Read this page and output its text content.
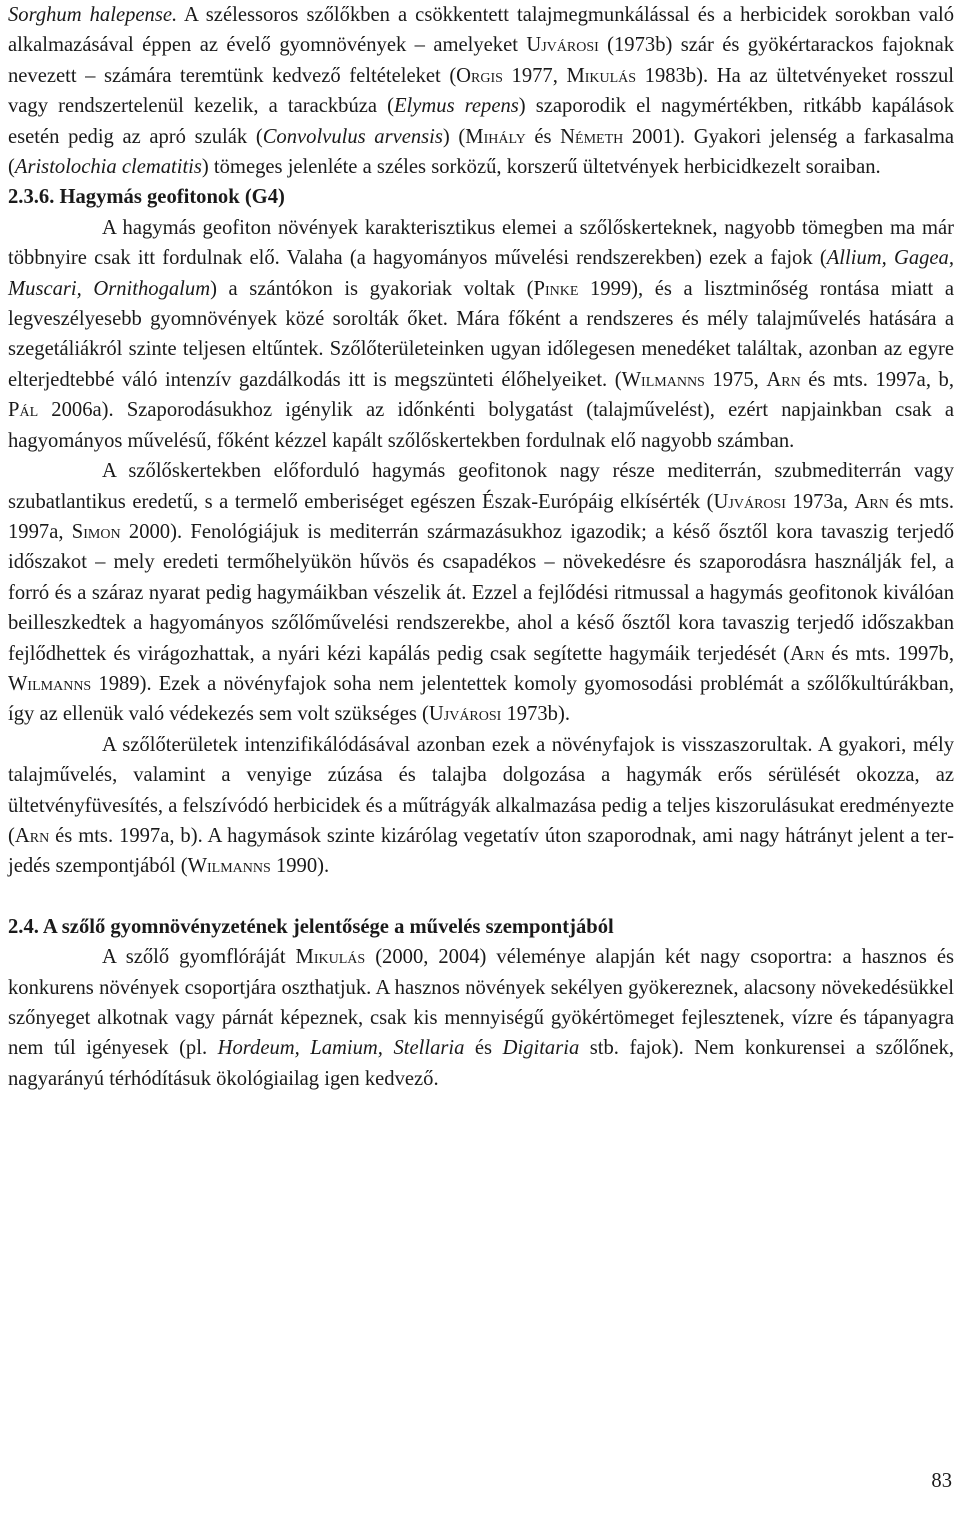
Sorghum halepense. A szélessoros szőlőkben a csökkentett talajmegmunkálással és a herbicidek sorokban való alkalmazásával éppen az évelő gyomnövények – amelyeket Ujvárosi (1973b) szár és gyökértarackos fajoknak nevezett – számára teremtünk kedvező feltételeket (Orgis 1977, Mikulás 1983b). Ha az ültetvényeket rosszul vagy rendszertelenül kezelik, a tarackbúza (Elymus repens) szaporodik el nagymértékben, ritkább kapálások esetén pedig az apró szulák (Convolvulus arvensis) (Mihály és Németh 2001). Gyakori jelenség a farkasalma (Aristolochia clematitis) tömeges jelenléte a széles sorközű, korszerű ültetvények herbicidkezelt soraiban.

2.3.6. Hagymás geofitonok (G4)

A hagymás geofiton növények karakterisztikus elemei a szőlőskerteknek, nagyobb tömegben ma már többnyire csak itt fordulnak elő. Valaha (a hagyományos művelési rendszerekben) ezek a fajok (Allium, Gagea, Muscari, Ornithogalum) a szántókon is gyakoriak voltak (Pinke 1999), és a lisztminőség rontása miatt a legveszélyesebb gyomnövények közé sorolták őket. Mára főként a rendszeres és mély talajművelés hatására a szegetáliákról szinte teljesen eltűntek. Szőlőterületeinken ugyan időlegesen menedéket találtak, azonban az egyre elterjedtebbé váló intenzív gazdálkodás itt is megszünteti élőhelyeiket. (Wilmanns 1975, Arn és mts. 1997a, b, Pál 2006a). Szaporodásukhoz igénylik az időnkénti bolygatást (talajművelést), ezért napjainkban csak a hagyományos művelésű, főként kézzel kapált szőlőskertekben fordulnak elő nagyobb számban.

A szőlőskertekben előforduló hagymás geofitonok nagy része mediterrán, szubmediterrán vagy szubatlantikus eredetű, s a termelő emberiséget egészen Észak-Európáig elkísérték (Ujvárosi 1973a, Arn és mts. 1997a, Simon 2000). Fenológiájuk is mediterrán származásukhoz igazodik; a késő ősztől kora tavaszig terjedő időszakot – mely eredeti termőhelyükön hűvös és csapadékos – növekedésre és szaporodásra használják fel, a forró és a száraz nyarat pedig hagymáikban vészelik át. Ezzel a fejlődési ritmussal a hagymás geofitonok kiválóan beilleszkedtek a hagyományos szőlőművelési rendszerekbe, ahol a késő ősztől kora tavaszig terjedő időszakban fejlődhettek és virágozhattak, a nyári kézi kapálás pedig csak segítette hagymáik terjedését (Arn és mts. 1997b, Wilmanns 1989). Ezek a növényfajok soha nem jelentettek komoly gyomosodási problémát a szőlőkultúrákban, így az ellenük való védekezés sem volt szükséges (Ujvárosi 1973b).

A szőlőterületek intenzifikálódásával azonban ezek a növényfajok is visszaszorultak. A gyakori, mély talajművelés, valamint a venyige zúzása és talajba dolgozása a hagymák erős sérülését okozza, az ültetvényfüvesítés, a felszívódó herbicidek és a műtrágyák alkalmazása pedig a teljes kiszorulásukat eredményezte (Arn és mts. 1997a, b). A hagymások szinte kizárólag vegetatív úton szaporodnak, ami nagy hátrányt jelent a terjedés szempontjából (Wilmanns 1990).

2.4. A szőlő gyomnövényzetének jelentősége a művelés szempontjából

A szőlő gyomflóráját Mikulás (2000, 2004) véleménye alapján két nagy csoportra: a hasznos és konkurens növények csoportjára oszthatjuk. A hasznos növények sekélyen gyökereznek, alacsony növekedésükkel szőnyeget alkotnak vagy párnát képeznek, csak kis mennyiségű gyökértömeget fejlesztenek, vízre és tápanyagra nem túl igényesek (pl. Hordeum, Lamium, Stellaria és Digitaria stb. fajok). Nem konkurensei a szőlőnek, nagyarányú térhódításuk ökológiailag igen kedvező.

83
